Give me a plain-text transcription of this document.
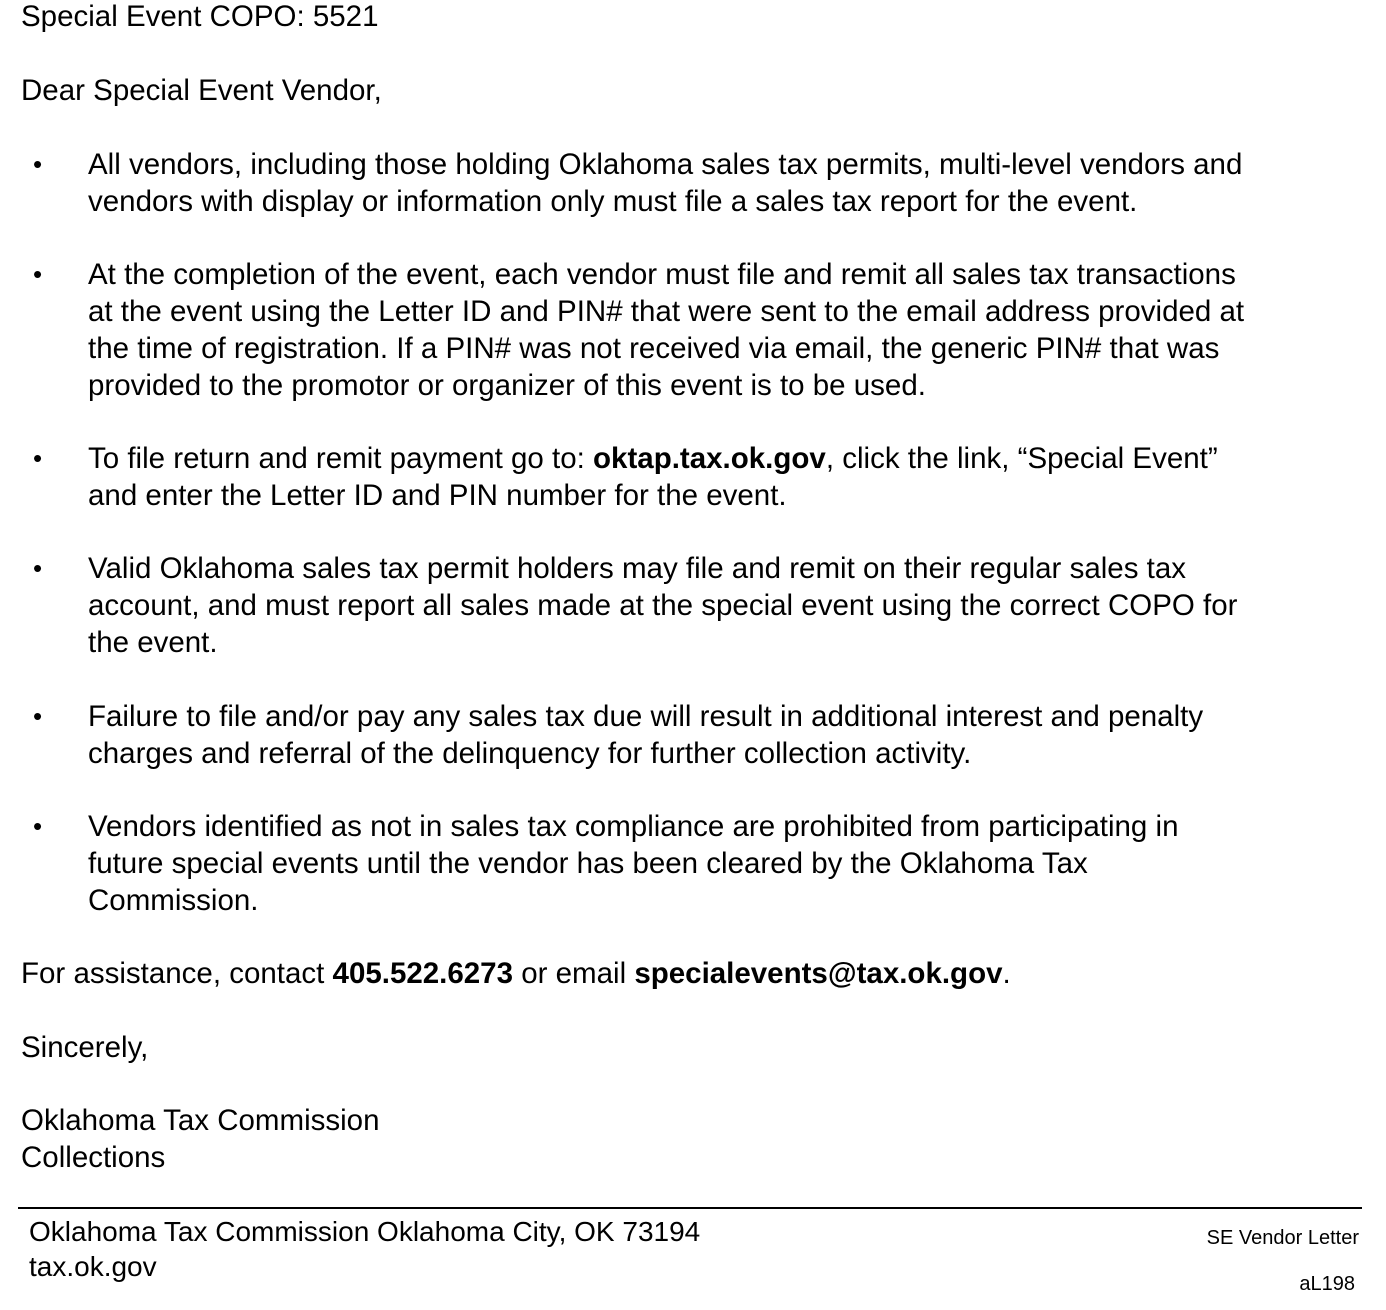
Special Event COPO: 5521
Dear Special Event Vendor,
• All vendors, including those holding Oklahoma sales tax permits, multi-level vendors and
vendors with display or information only must file a sales tax report for the event.
• At the completion of the event, each vendor must file and remit all sales tax transactions
at the event using the Letter ID and PIN# that were sent to the email address provided at
the time of registration. If a PIN# was not received via email, the generic PIN# that was
provided to the promotor or organizer of this event is to be used.
• To file return and remit payment go to: oktap.tax.ok.gov, click the link, “Special Event”
and enter the Letter ID and PIN number for the event.
• Valid Oklahoma sales tax permit holders may file and remit on their regular sales tax
account, and must report all sales made at the special event using the correct COPO for
the event.
• Failure to file and/or pay any sales tax due will result in additional interest and penalty
charges and referral of the delinquency for further collection activity.
• Vendors identified as not in sales tax compliance are prohibited from participating in
future special events until the vendor has been cleared by the Oklahoma Tax
Commission.
For assistance, contact 405.522.6273 or email specialevents@tax.ok.gov.
Sincerely,
Oklahoma Tax Commission
Collections
Oklahoma Tax Commission Oklahoma City, OK 73194
tax.ok.gov
SE Vendor Letter
aL198
